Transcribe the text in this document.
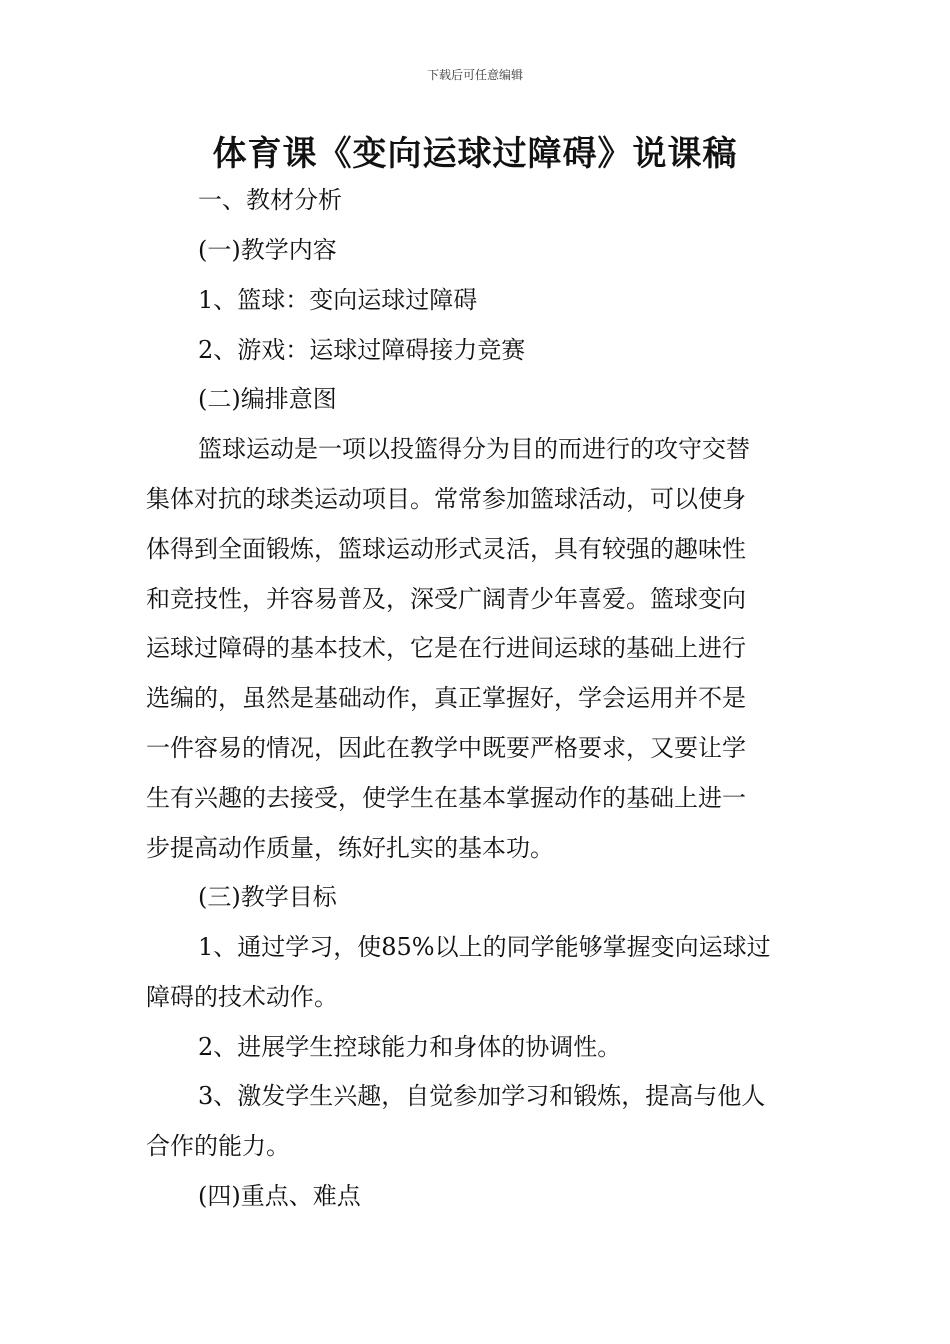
下载后可任意编辑
体育课《变向运球过障碍》说课稿
一、教材分析
(一)教学内容
1、篮球：变向运球过障碍
2、游戏：运球过障碍接力竞赛
(二)编排意图
篮球运动是一项以投篮得分为目的而进行的攻守交替
集体对抗的球类运动项目。常常参加篮球活动，可以使身
体得到全面锻炼，篮球运动形式灵活，具有较强的趣味性
和竞技性，并容易普及，深受广阔青少年喜爱。篮球变向
运球过障碍的基本技术，它是在行进间运球的基础上进行
选编的，虽然是基础动作，真正掌握好，学会运用并不是
一件容易的情况，因此在教学中既要严格要求，又要让学
生有兴趣的去接受，使学生在基本掌握动作的基础上进一
步提高动作质量，练好扎实的基本功。
(三)教学目标
1、通过学习，使85%以上的同学能够掌握变向运球过
障碍的技术动作。
2、进展学生控球能力和身体的协调性。
3、激发学生兴趣，自觉参加学习和锻炼，提高与他人
合作的能力。
(四)重点、难点
